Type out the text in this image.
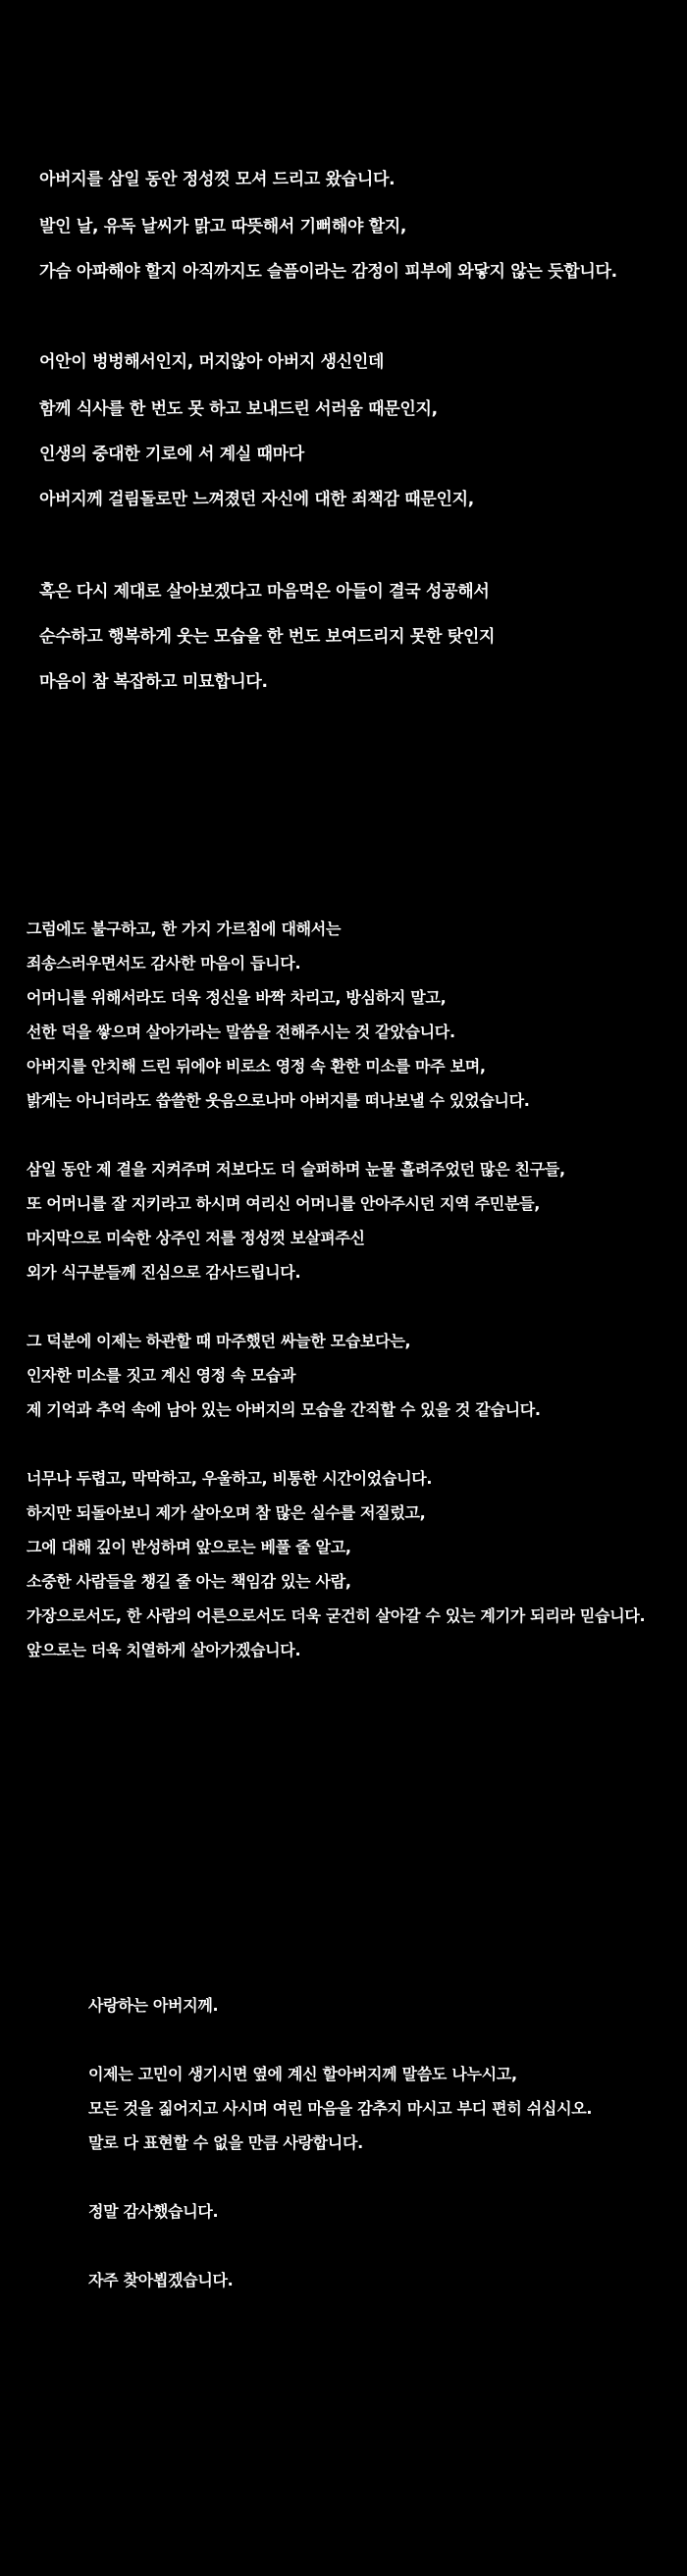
아버지를 삼일 동안 정성껏 모셔 드리고 왔습니다.
발인 날, 유독 날씨가 맑고 따뜻해서 기뻐해야 할지,
가슴 아파해야 할지 아직까지도 슬픔이라는 감정이 피부에 와닿지 않는 듯합니다.
어안이 벙벙해서인지, 머지않아 아버지 생신인데
함께 식사를 한 번도 못 하고 보내드린 서러움 때문인지,
인생의 중대한 기로에 서 계실 때마다
아버지께 걸림돌로만 느껴졌던 자신에 대한 죄책감 때문인지,
혹은 다시 제대로 살아보겠다고 마음먹은 아들이 결국 성공해서
순수하고 행복하게 웃는 모습을 한 번도 보여드리지 못한 탓인지
마음이 참 복잡하고 미묘합니다.
그럼에도 불구하고, 한 가지 가르침에 대해서는
죄송스러우면서도 감사한 마음이 듭니다.
어머니를 위해서라도 더욱 정신을 바짝 차리고, 방심하지 말고,
선한 덕을 쌓으며 살아가라는 말씀을 전해주시는 것 같았습니다.
아버지를 안치해 드린 뒤에야 비로소 영정 속 환한 미소를 마주 보며,
밝게는 아니더라도 씁쓸한 웃음으로나마 아버지를 떠나보낼 수 있었습니다.
삼일 동안 제 곁을 지켜주며 저보다도 더 슬퍼하며 눈물 흘려주었던 많은 친구들,
또 어머니를 잘 지키라고 하시며 여리신 어머니를 안아주시던 지역 주민분들,
마지막으로 미숙한 상주인 저를 정성껏 보살펴주신
외가 식구분들께 진심으로 감사드립니다.
그 덕분에 이제는 하관할 때 마주했던 싸늘한 모습보다는,
인자한 미소를 짓고 계신 영정 속 모습과
제 기억과 추억 속에 남아 있는 아버지의 모습을 간직할 수 있을 것 같습니다.
너무나 두렵고, 막막하고, 우울하고, 비통한 시간이었습니다.
하지만 되돌아보니 제가 살아오며 참 많은 실수를 저질렀고,
그에 대해 깊이 반성하며 앞으로는 베풀 줄 알고,
소중한 사람들을 챙길 줄 아는 책임감 있는 사람,
가장으로서도, 한 사람의 어른으로서도 더욱 굳건히 살아갈 수 있는 계기가 되리라 믿습니다.
앞으로는 더욱 치열하게 살아가겠습니다.
사랑하는 아버지께.
이제는 고민이 생기시면 옆에 계신 할아버지께 말씀도 나누시고,
모든 것을 짊어지고 사시며 여린 마음을 감추지 마시고 부디 편히 쉬십시오.
말로 다 표현할 수 없을 만큼 사랑합니다.
정말 감사했습니다.
자주 찾아뵙겠습니다.
